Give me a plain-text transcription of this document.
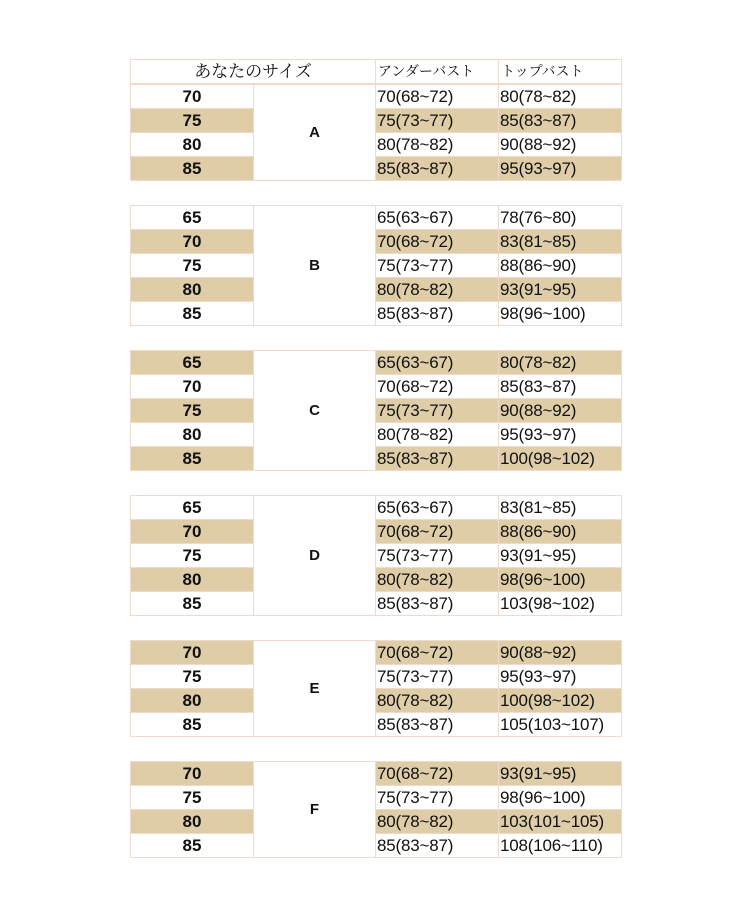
あなたのサイズ	アンダーバスト	トップバスト
70	A	70(68~72)	80(78~82)
75		75(73~77)	85(83~87)
80		80(78~82)	90(88~92)
85		85(83~87)	95(93~97)
65	B	65(63~67)	78(76~80)
70		70(68~72)	83(81~85)
75		75(73~77)	88(86~90)
80		80(78~82)	93(91~95)
85		85(83~87)	98(96~100)
65	C	65(63~67)	80(78~82)
70		70(68~72)	85(83~87)
75		75(73~77)	90(88~92)
80		80(78~82)	95(93~97)
85		85(83~87)	100(98~102)
65	D	65(63~67)	83(81~85)
70		70(68~72)	88(86~90)
75		75(73~77)	93(91~95)
80		80(78~82)	98(96~100)
85		85(83~87)	103(98~102)
70	E	70(68~72)	90(88~92)
75		75(73~77)	95(93~97)
80		80(78~82)	100(98~102)
85		85(83~87)	105(103~107)
70	F	70(68~72)	93(91~95)
75		75(73~77)	98(96~100)
80		80(78~82)	103(101~105)
85		85(83~87)	108(106~110)
